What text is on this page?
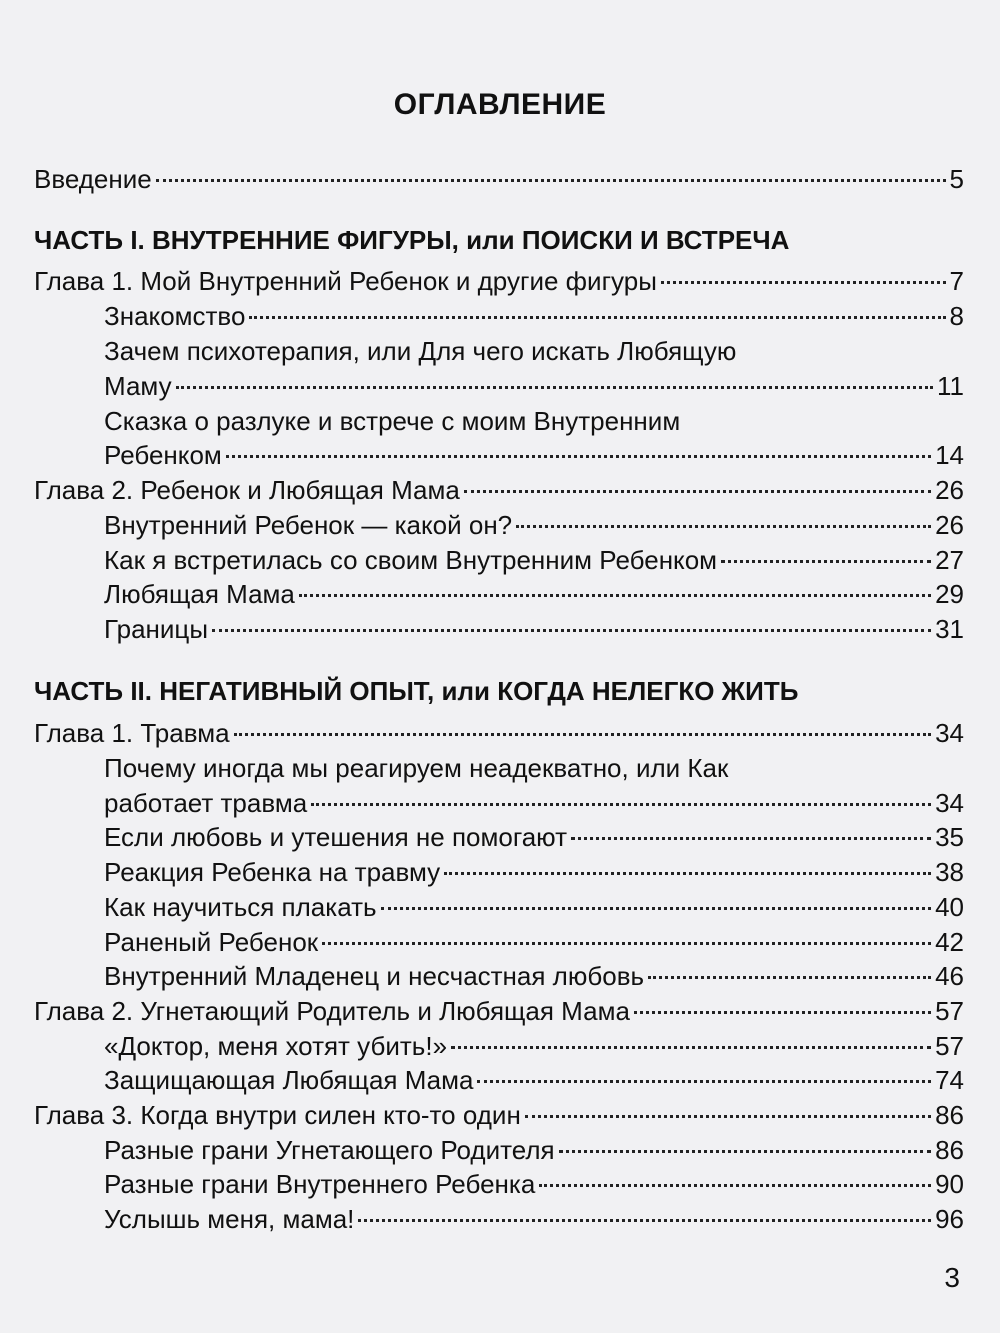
ОГЛАВЛЕНИЕ
Введение	5
ЧАСТЬ I. ВНУТРЕННИЕ ФИГУРЫ, или ПОИСКИ И ВСТРЕЧА
Глава 1. Мой Внутренний Ребенок и другие фигуры	7
Знакомство	8
Зачем психотерапия, или Для чего искать Любящую
Маму	11
Сказка о разлуке и встрече с моим Внутренним
Ребенком	14
Глава 2. Ребенок и Любящая Мама	26
Внутренний Ребенок — какой он?	26
Как я встретилась со своим Внутренним Ребенком	27
Любящая Мама	29
Границы	31
ЧАСТЬ II. НЕГАТИВНЫЙ ОПЫТ, или КОГДА НЕЛЕГКО ЖИТЬ
Глава 1. Травма	34
Почему иногда мы реагируем неадекватно, или Как
работает травма	34
Если любовь и утешения не помогают	35
Реакция Ребенка на травму	38
Как научиться плакать	40
Раненый Ребенок	42
Внутренний Младенец и несчастная любовь	46
Глава 2. Угнетающий Родитель и Любящая Мама	57
«Доктор, меня хотят убить!»	57
Защищающая Любящая Мама	74
Глава 3. Когда внутри силен кто-то один	86
Разные грани Угнетающего Родителя	86
Разные грани Внутреннего Ребенка	90
Услышь меня, мама!	96
3
